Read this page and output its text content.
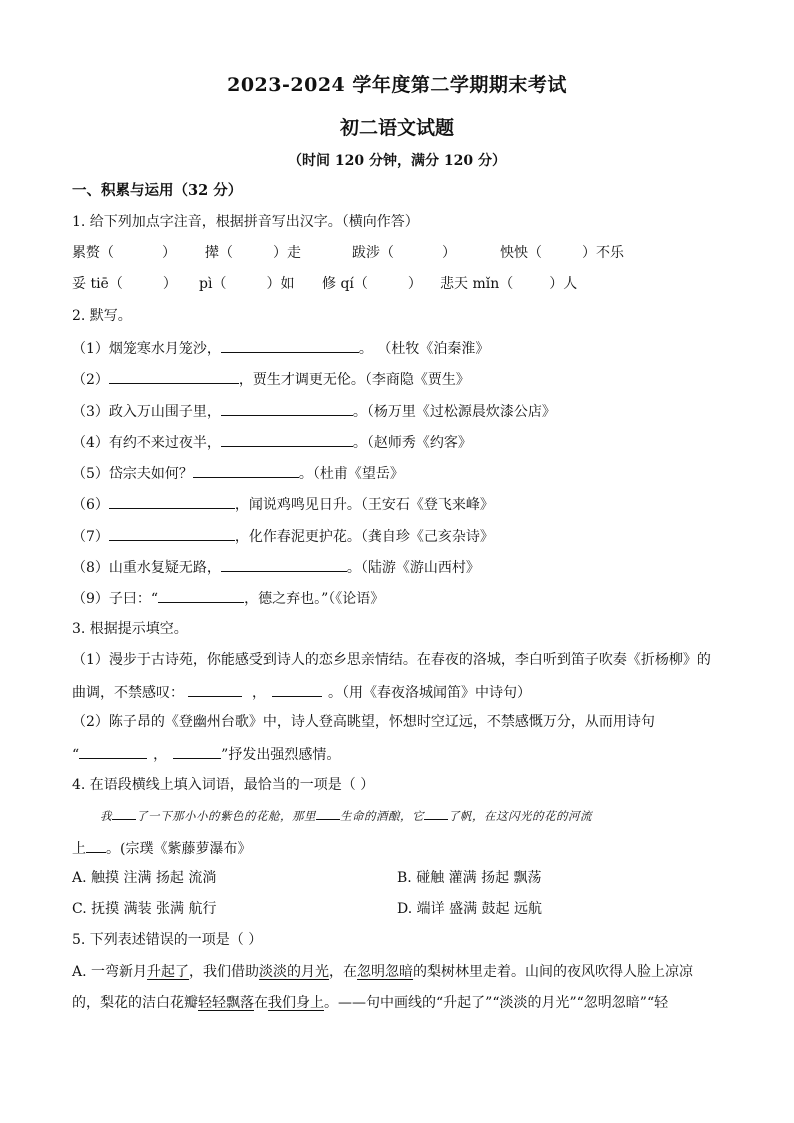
2023-2024 学年度第二学期期末考试
初二语文试题
（时间 120 分钟，满分 120 分）
一、积累与运用（32 分）
1. 给下列加点字注音，根据拼音写出汉字。（横向作答）
累赘（	） 撵（	）走	跋涉（	）	怏怏（	）不乐
妥 tiē（	） pì（	）如 修 qí（	） 悲天 mǐn（	）人
2. 默写。
（1）烟笼寒水月笼沙，	。 （杜牧《泊秦淮》
（2）	，贾生才调更无伦。（李商隐《贾生》
（3）政入万山围子里，	。（杨万里《过松源晨炊漆公店》
（4）有约不来过夜半，	。（赵师秀《约客》
（5）岱宗夫如何？	。（杜甫《望岳》
（6）	，闻说鸡鸣见日升。（王安石《登飞来峰》
（7）	，化作春泥更护花。（龚自珍《己亥杂诗》
（8）山重水复疑无路，	。（陆游《游山西村》
（9）子曰：“	，德之弃也。”（《论语》
3. 根据提示填空。
（1）漫步于古诗苑，你能感受到诗人的恋乡思亲情结。在春夜的洛城，李白听到笛子吹奏《折杨柳》的
曲调，不禁感叹：	，	。（用《春夜洛城闻笛》中诗句）
（2）陈子昂的《登幽州台歌》中，诗人登高眺望，怀想时空辽远，不禁感慨万分，从而用诗句
“	，	”抒发出强烈感情。
4. 在语段横线上填入词语，最恰当的一项是（ ）
我 了一下那小小的紫色的花舱，那里 生命的酒酿，它 了帆，在这闪光的花的河流
上 。(宗璞《紫藤萝瀑布》
A. 触摸 注满 扬起 流淌	B. 碰触 灌满 扬起 飘荡
C. 抚摸 满装 张满 航行	D. 端详 盛满 鼓起 远航
5. 下列表述错误的一项是（ ）
A. 一弯新月升起了，我们借助淡淡的月光，在忽明忽暗的梨树林里走着。山间的夜风吹得人脸上凉凉
的，梨花的洁白花瓣轻轻飘落在我们身上。——句中画线的“升起了”“淡淡的月光”“忽明忽暗”“轻
